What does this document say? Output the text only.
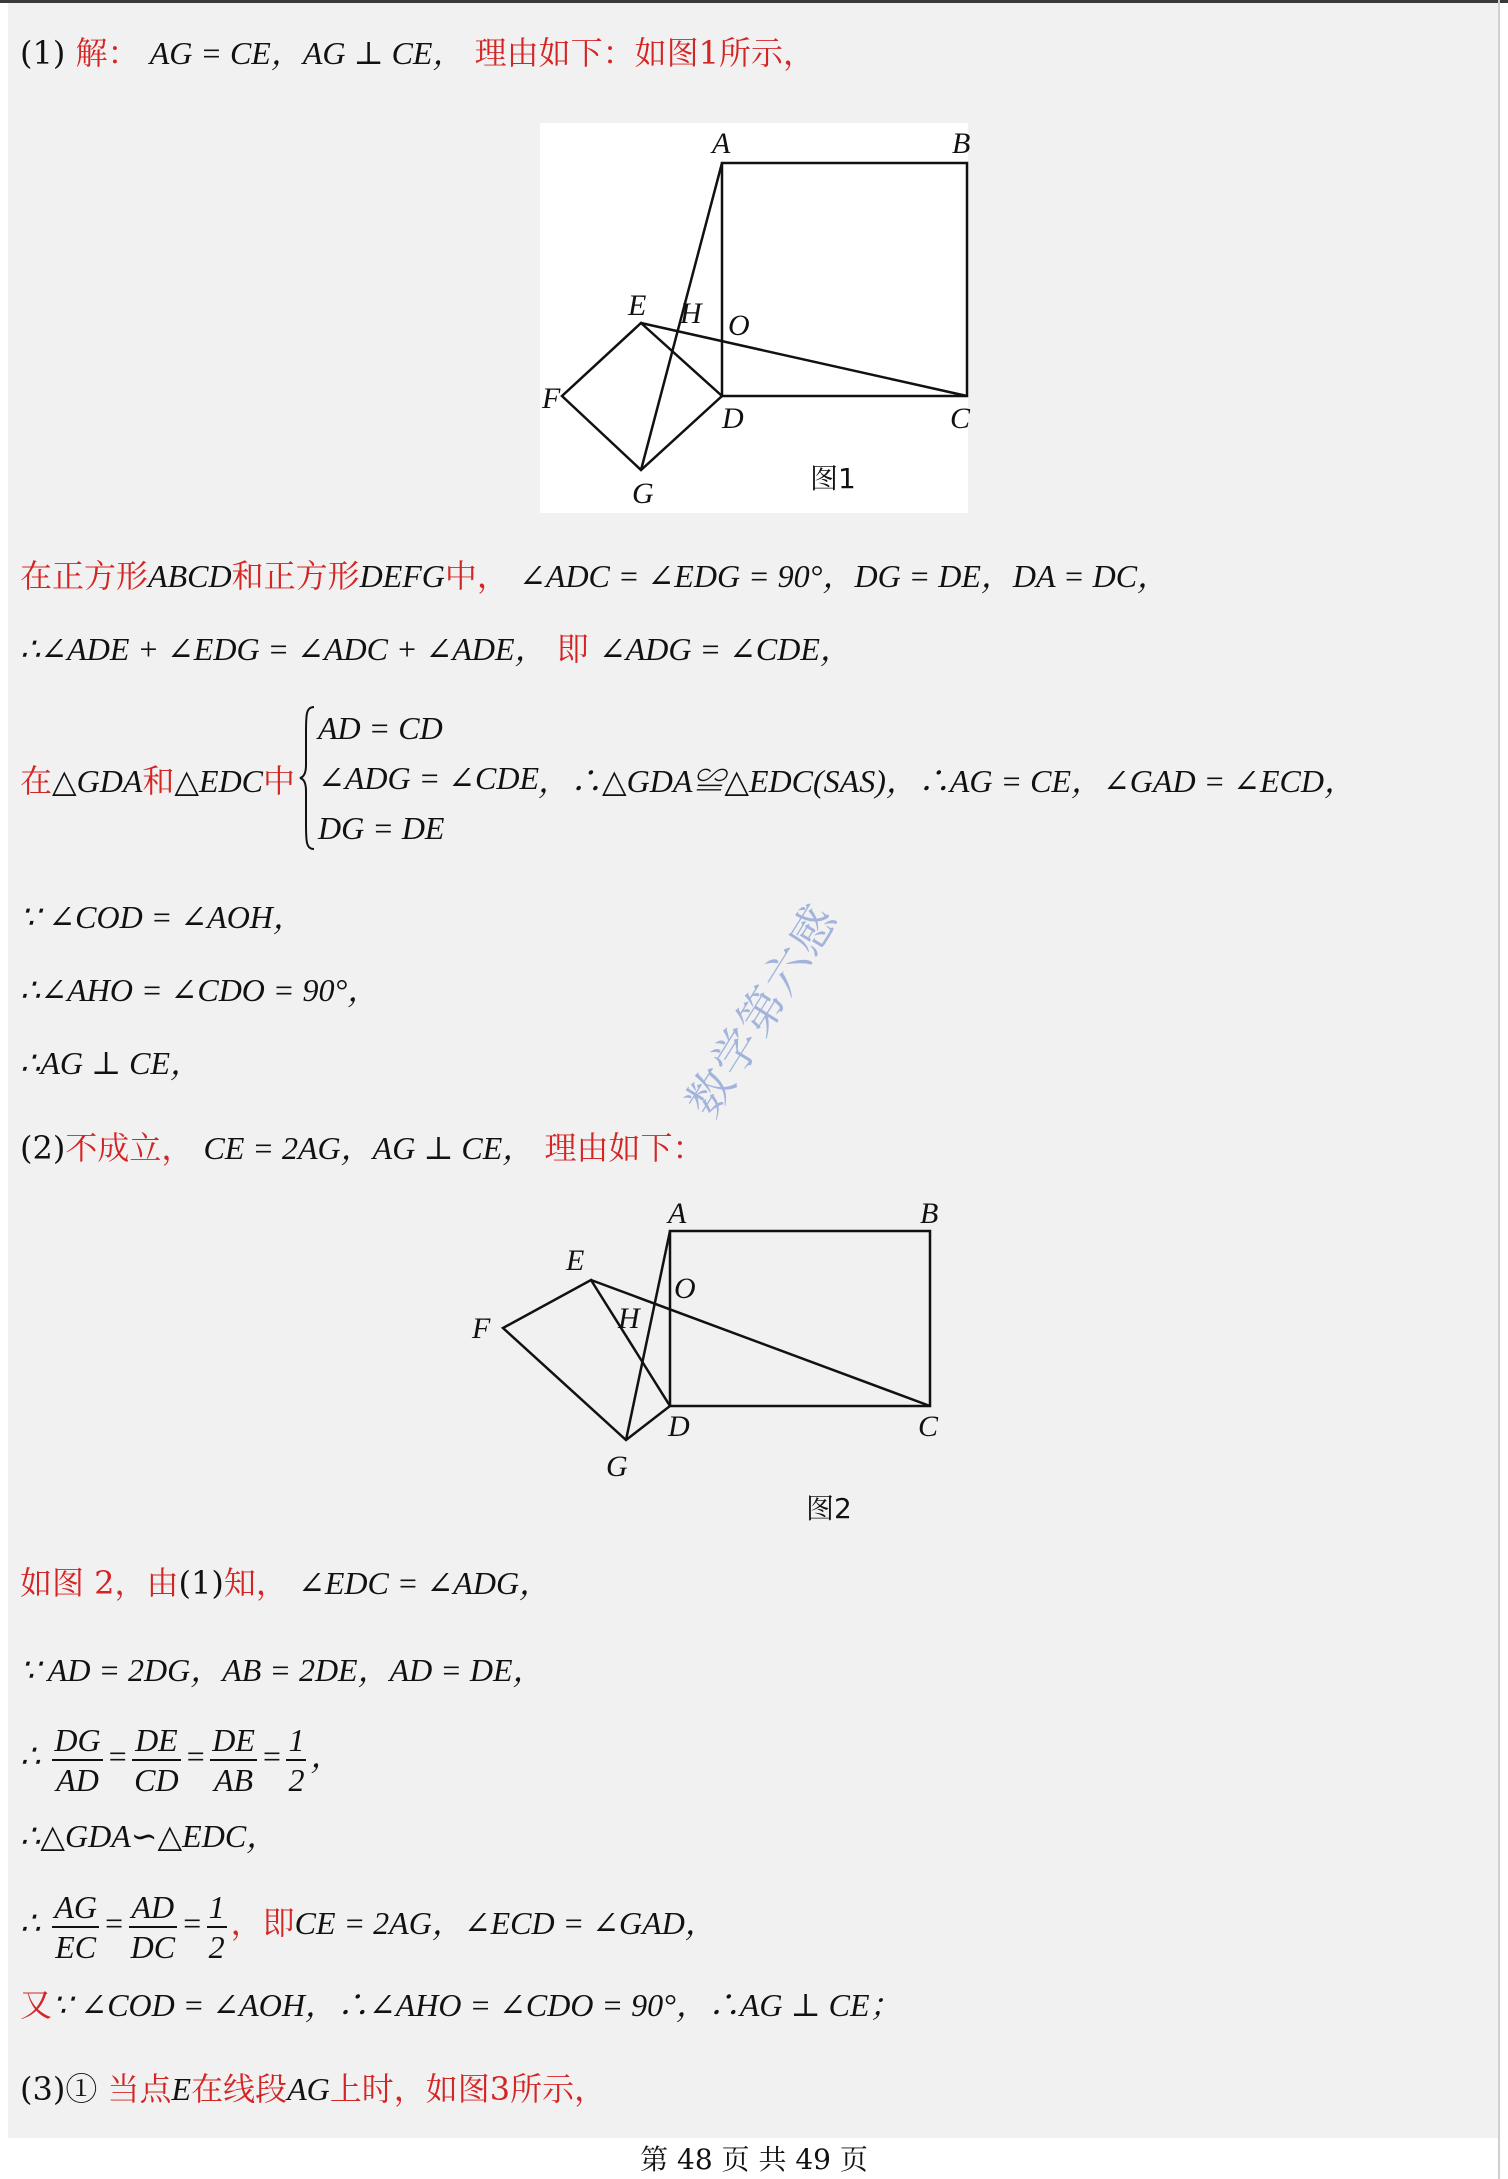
(1) 解： AG = CE，AG ⊥ CE， 理由如下：如图1所示，
A	B
C
D
E
F
G
H O
图1
在正方形ABCD和正方形DEFG中， ∠ADC = ∠EDG = 90°，DG = DE，DA = DC，
∴∠ADE + ∠EDG = ∠ADC + ∠ADE， 即 ∠ADG = ∠CDE，
在△GDA和△EDC中
AD = CD
∠ADG = ∠CDE
DG = DE
，∴△GDA≌△EDC(SAS)，∴AG = CE，∠GAD = ∠ECD，
∵ ∠COD = ∠AOH，
∴∠AHO = ∠CDO = 90°，
∴AG ⊥ CE，
(2)不成立， CE = 2AG，AG ⊥ CE， 理由如下：
数学第六感
A	B
C
D
E
F
G
H
O
图2
如图 2，由(1)知， ∠EDC = ∠ADG，
∵ AD = 2DG，AB = 2DE，AD = DE，
∴ $\frac{DG}{AD} = \frac{DE}{CD} = \frac{DE}{AB} = \frac{1}{2}$ ，
∴△GDA∽△EDC，
∴ $\frac{AG}{EC} = \frac{AD}{DC} = \frac{1}{2}$ ，即CE = 2AG，∠ECD = ∠GAD，
又∵ ∠COD = ∠AOH，∴∠AHO = ∠CDO = 90°，∴AG ⊥ CE；
(3)① 当点E在线段AG上时，如图3所示，
第 48 页 共 49 页
